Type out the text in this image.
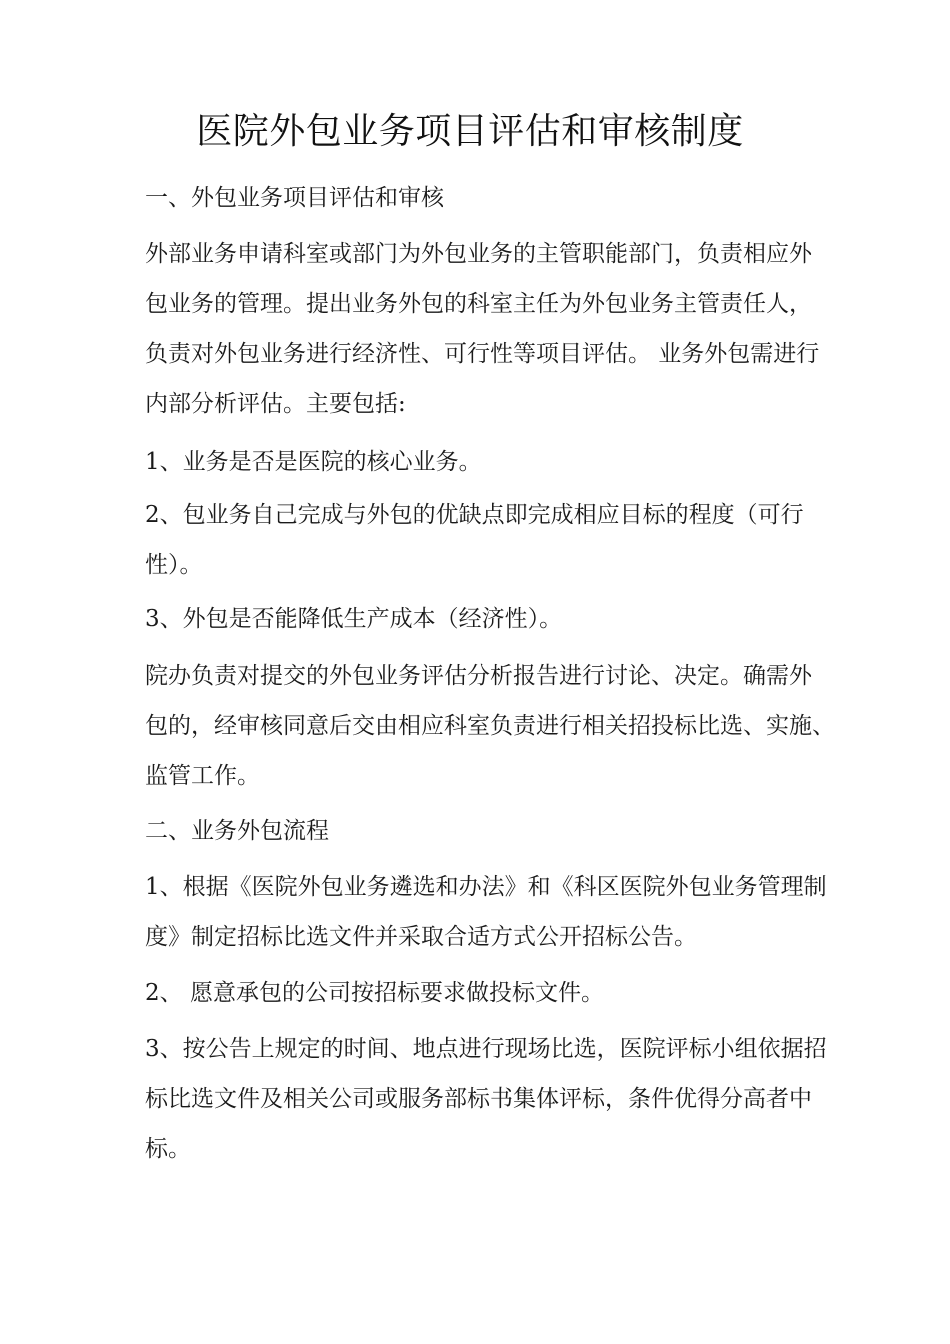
医院外包业务项目评估和审核制度
一、外包业务项目评估和审核
外部业务申请科室或部门为外包业务的主管职能部门，负责相应外
包业务的管理。提出业务外包的科室主任为外包业务主管责任人，
负责对外包业务进行经济性、可行性等项目评估。 业务外包需进行
内部分析评估。主要包括:
1、业务是否是医院的核心业务。
2、包业务自己完成与外包的优缺点即完成相应目标的程度（可行
性）。
3、外包是否能降低生产成本（经济性）。
院办负责对提交的外包业务评估分析报告进行讨论、决定。确需外
包的，经审核同意后交由相应科室负责进行相关招投标比选、实施、
监管工作。
二、业务外包流程
1、根据《医院外包业务遴选和办法》和《科区医院外包业务管理制
度》制定招标比选文件并采取合适方式公开招标公告。
2、 愿意承包的公司按招标要求做投标文件。
3、按公告上规定的时间、地点进行现场比选，医院评标小组依据招
标比选文件及相关公司或服务部标书集体评标，条件优得分高者中
标。
